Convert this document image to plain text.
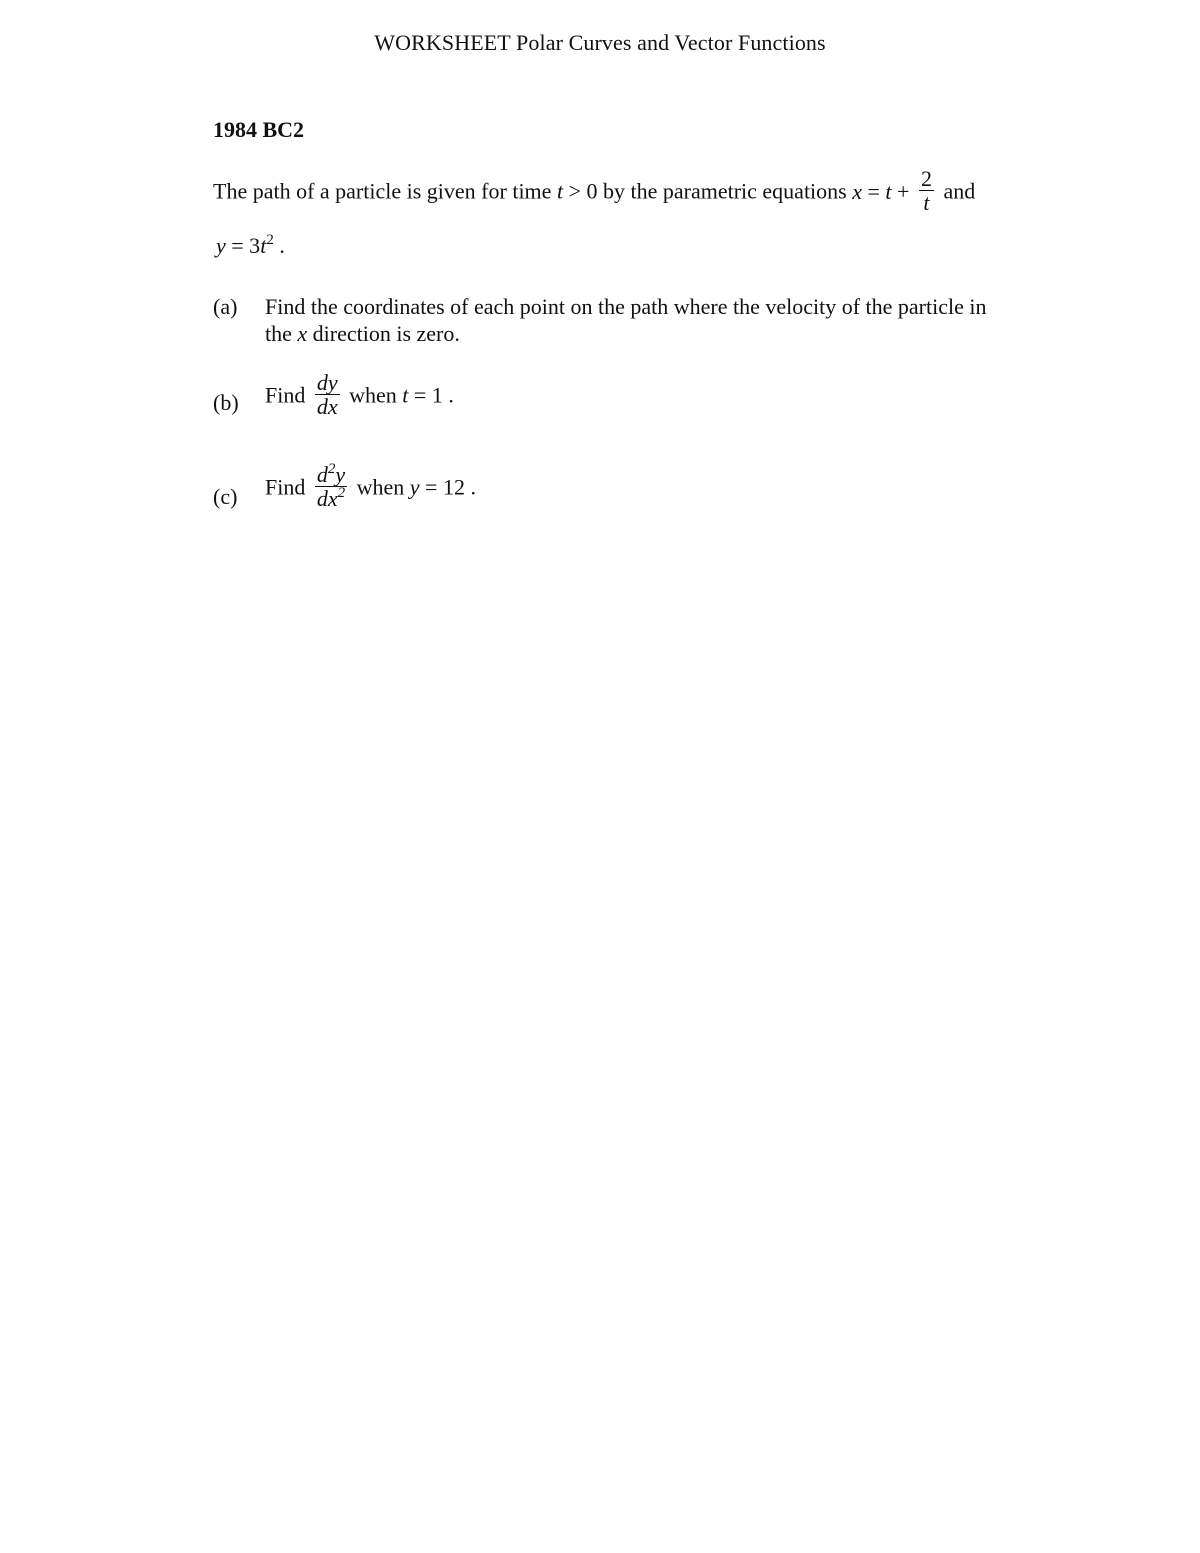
WORKSHEET Polar Curves and Vector Functions
1984 BC2
The path of a particle is given for time t > 0 by the parametric equations $x = t + \frac{2}{t}$ and
$y = 3t^2$ .
(a) Find the coordinates of each point on the path where the velocity of the particle in
the x direction is zero.
(b) Find $\frac{dy}{dx}$ when t = 1 .
(c) Find $\frac{d^2y}{dx^2}$ when y = 12 .
